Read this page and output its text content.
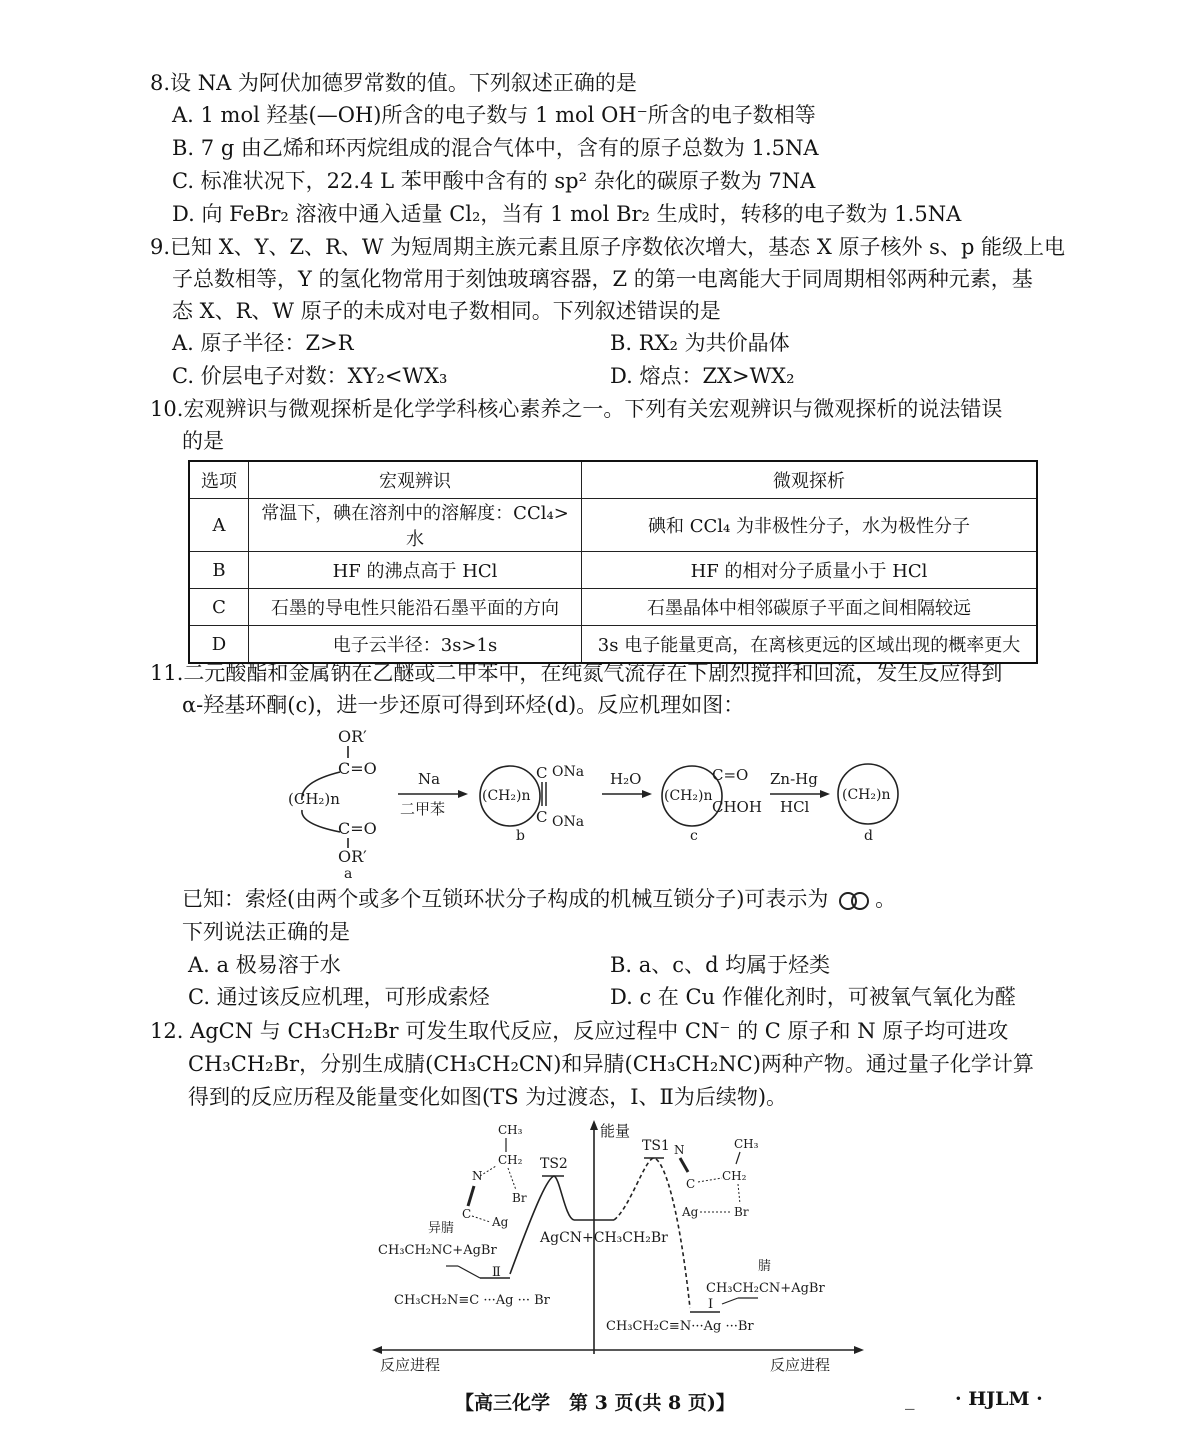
8.设 NA 为阿伏加德罗常数的值。下列叙述正确的是
A. 1 mol 羟基(—OH)所含的电子数与 1 mol OH⁻所含的电子数相等
B. 7 g 由乙烯和环丙烷组成的混合气体中，含有的原子总数为 1.5NA
C. 标准状况下，22.4 L 苯甲酸中含有的 sp² 杂化的碳原子数为 7NA
D. 向 FeBr₂ 溶液中通入适量 Cl₂，当有 1 mol Br₂ 生成时，转移的电子数为 1.5NA
9.已知 X、Y、Z、R、W 为短周期主族元素且原子序数依次增大，基态 X 原子核外 s、p 能级上电
子总数相等，Y 的氢化物常用于刻蚀玻璃容器，Z 的第一电离能大于同周期相邻两种元素，基
态 X、R、W 原子的未成对电子数相同。下列叙述错误的是
A. 原子半径：Z>R	B. RX₂ 为共价晶体
C. 价层电子对数：XY₂<WX₃	D. 熔点：ZX>WX₂
10.宏观辨识与微观探析是化学学科核心素养之一。下列有关宏观辨识与微观探析的说法错误
的是
选项	宏观辨识	微观探析
A	常温下，碘在溶剂中的溶解度：CCl₄>水	碘和 CCl₄ 为非极性分子，水为极性分子
B	HF 的沸点高于 HCl	HF 的相对分子质量小于 HCl
C	石墨的导电性只能沿石墨平面的方向	石墨晶体中相邻碳原子平面之间相隔较远
D	电子云半径：3s>1s	3s 电子能量更高，在离核更远的区域出现的概率更大
11.二元酸酯和金属钠在乙醚或二甲苯中，在纯氮气流存在下剧烈搅拌和回流，发生反应得到
α-羟基环酮(c)，进一步还原可得到环烃(d)。反应机理如图：
OR′
C=O
(CH₂)n
C=O
OR′
a
Na
二甲苯
(CH₂)n
C ONa
C ONa
b
H₂O
(CH₂)n
C=O
CHOH
c
Zn-Hg
HCl
(CH₂)n
d
已知：索烃(由两个或多个互锁环状分子构成的机械互锁分子)可表示为 。
下列说法正确的是
A. a 极易溶于水	B. a、c、d 均属于烃类
C. 通过该反应机理，可形成索烃	D. c 在 Cu 作催化剂时，可被氧气氧化为醛
12. AgCN 与 CH₃CH₂Br 可发生取代反应，反应过程中 CN⁻ 的 C 原子和 N 原子均可进攻
CH₃CH₂Br，分别生成腈(CH₃CH₂CN)和异腈(CH₃CH₂NC)两种产物。通过量子化学计算
得到的反应历程及能量变化如图(TS 为过渡态，Ⅰ、Ⅱ为后续物)。
能量
反应进程	反应进程
AgCN+CH₃CH₂Br
TS2
Ⅱ
异腈
CH₃CH₂NC+AgBr
CH₃CH₂N≡C ···Ag ··· Br
CH₃
CH₂
N
Br
C
Ag
TS1
Ⅰ
腈
CH₃CH₂CN+AgBr
CH₃CH₂C≡N···Ag ···Br
N	CH₃
C
CH₂
Ag	Br
【高三化学　第 3 页(共 8 页)】	_ · HJLM ·
